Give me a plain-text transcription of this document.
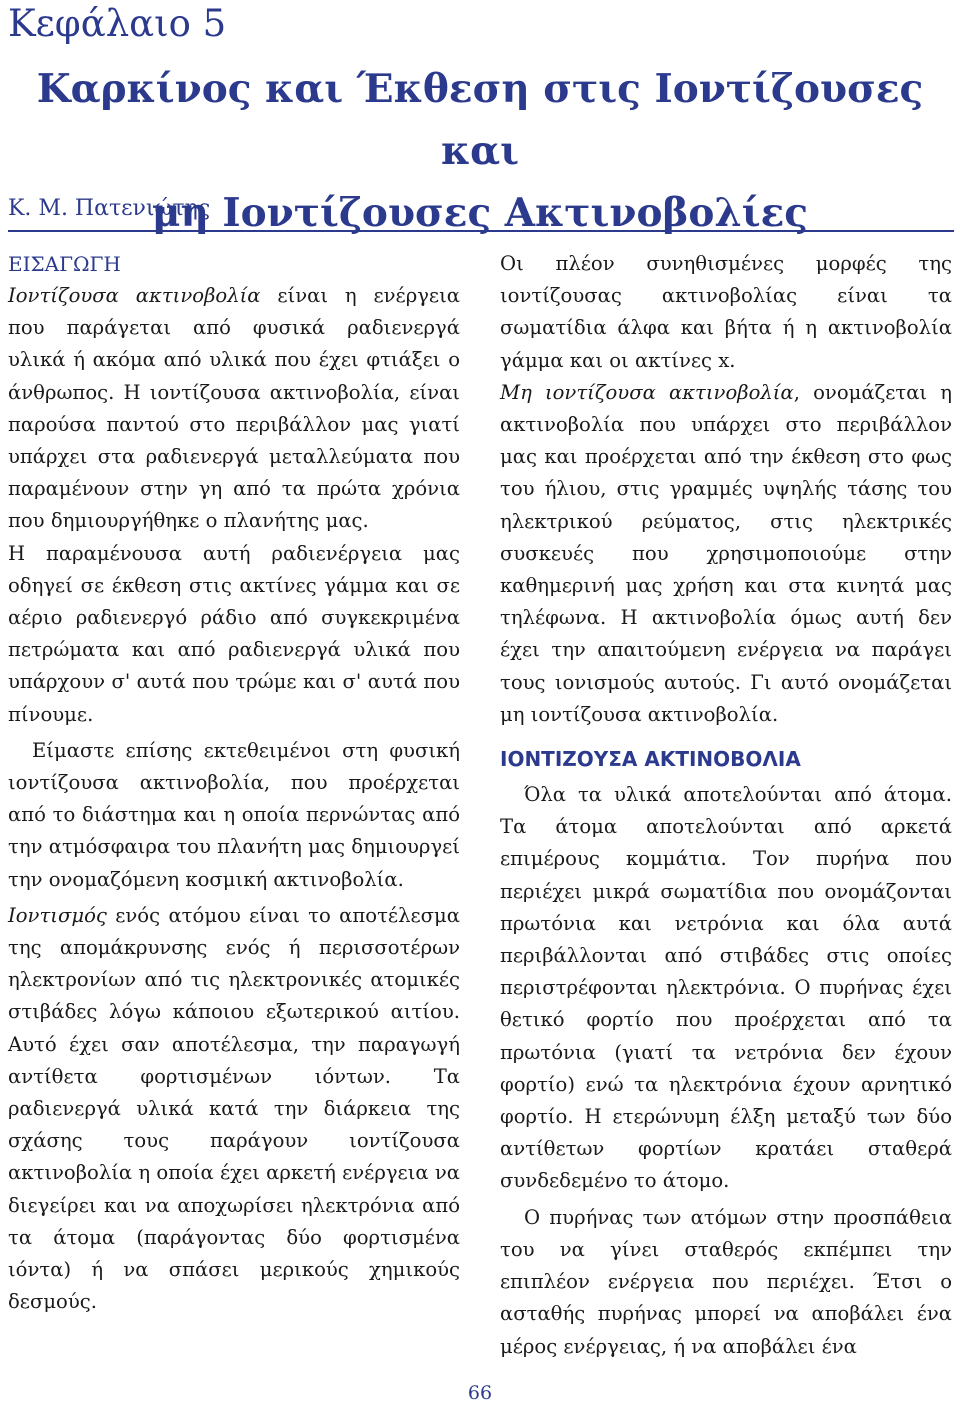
Κεφάλαιο 5
Καρκίνος και Έκθεση στις Ιοντίζουσες και
μη Ιοντίζουσες Ακτινοβολίες
Κ. Μ. Πατενιώτης
ΕΙΣΑΓΩΓΗ

Ιοντίζουσα ακτινοβολία είναι η ενέργεια που παράγεται από φυσικά ραδιενεργά υλικά ή ακόμα από υλικά που έχει φτιάξει ο άνθρωπος. Η ιοντίζουσα ακτινοβολία, είναι παρούσα παντού στο περιβάλλον μας γιατί υπάρχει στα ραδιενεργά μεταλλεύματα που παραμένουν στην γη από τα πρώτα χρόνια που δημιουργήθηκε ο πλανήτης μας.

Η παραμένουσα αυτή ραδιενέργεια μας οδηγεί σε έκθεση στις ακτίνες γάμμα και σε αέριο ραδιενεργό ράδιο από συγκεκριμένα πετρώματα και από ραδιενεργά υλικά που υπάρχουν σ' αυτά που τρώμε και σ' αυτά που πίνουμε.

Είμαστε επίσης εκτεθειμένοι στη φυσική ιοντίζουσα ακτινοβολία, που προέρχεται από το διάστημα και η οποία περνώντας από την ατμόσφαιρα του πλανήτη μας δημιουργεί την ονομαζόμενη κοσμική ακτινοβολία.

Ιοντισμός ενός ατόμου είναι το αποτέλεσμα της απομάκρυνσης ενός ή περισσοτέρων ηλεκτρονίων από τις ηλεκτρονικές ατομικές στιβάδες λόγω κάποιου εξωτερικού αιτίου. Αυτό έχει σαν αποτέλεσμα, την παραγωγή αντίθετα φορτισμένων ιόντων. Τα ραδιενεργά υλικά κατά την διάρκεια της σχάσης τους παράγουν ιοντίζουσα ακτινοβολία η οποία έχει αρκετή ενέργεια να διεγείρει και να αποχωρίσει ηλεκτρόνια από τα άτομα (παράγοντας δύο φορτισμένα ιόντα) ή να σπάσει μερικούς χημικούς δεσμούς.

Οι πλέον συνηθισμένες μορφές της ιοντίζουσας ακτινοβολίας είναι τα σωματίδια άλφα και βήτα ή η ακτινοβολία γάμμα και οι ακτίνες x.

Μη ιοντίζουσα ακτινοβολία, ονομάζεται η ακτινοβολία που υπάρχει στο περιβάλλον μας και προέρχεται από την έκθεση στο φως του ήλιου, στις γραμμές υψηλής τάσης του ηλεκτρικού ρεύματος, στις ηλεκτρικές συσκευές που χρησιμοποιούμε στην καθημερινή μας χρήση και στα κινητά μας τηλέφωνα. Η ακτινοβολία όμως αυτή δεν έχει την απαιτούμενη ενέργεια να παράγει τους ιονισμούς αυτούς. Γι αυτό ονομάζεται μη ιοντίζουσα ακτινοβολία.

ΙΟΝΤΙΖΟΥΣΑ ΑΚΤΙΝΟΒΟΛΙΑ

Όλα τα υλικά αποτελούνται από άτομα. Τα άτομα αποτελούνται από αρκετά επιμέρους κομμάτια. Τον πυρήνα που περιέχει μικρά σωματίδια που ονομάζονται πρωτόνια και νετρόνια και όλα αυτά περιβάλλονται από στιβάδες στις οποίες περιστρέφονται ηλεκτρόνια. Ο πυρήνας έχει θετικό φορτίο που προέρχεται από τα πρωτόνια (γιατί τα νετρόνια δεν έχουν φορτίο) ενώ τα ηλεκτρόνια έχουν αρνητικό φορτίο. Η ετερώνυμη έλξη μεταξύ των δύο αντίθετων φορτίων κρατάει σταθερά συνδεδεμένο το άτομο.

Ο πυρήνας των ατόμων στην προσπάθεια του να γίνει σταθερός εκπέμπει την επιπλέον ενέργεια που περιέχει. Έτσι ο ασταθής πυρήνας μπορεί να αποβάλει ένα μέρος ενέργειας, ή να αποβάλει ένα

66
